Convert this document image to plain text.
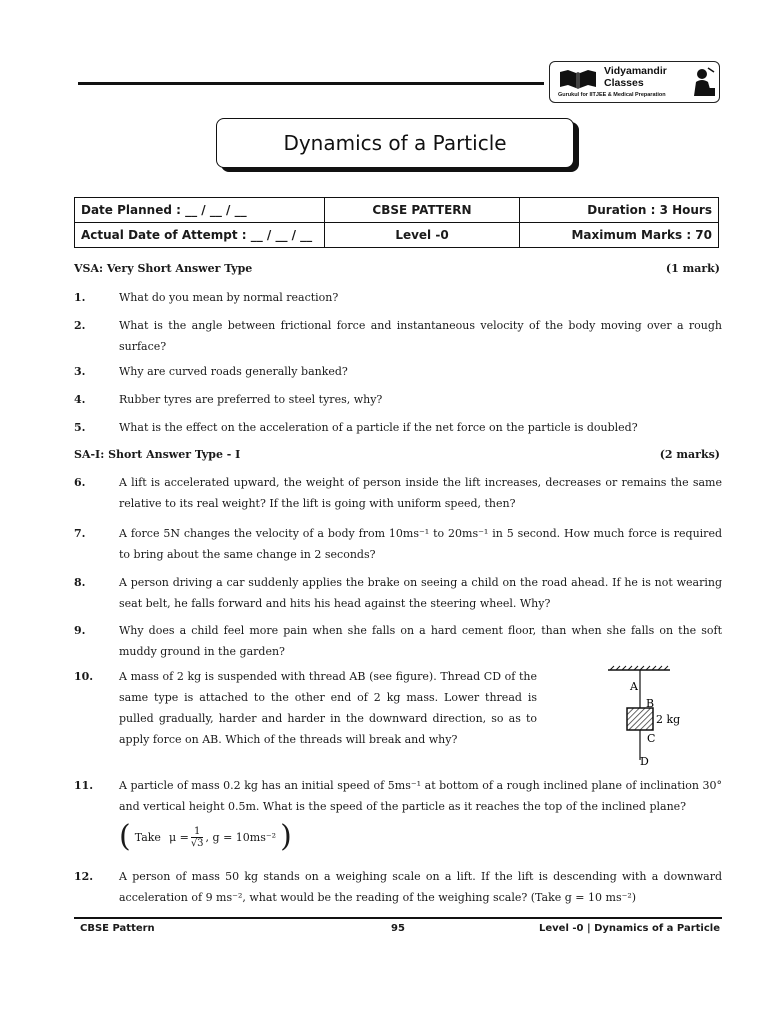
Vidyamandir
Classes
Gurukul for IITJEE & Medical Preparation
Dynamics of a Particle
Date Planned : __ / __ / __	CBSE PATTERN	Duration : 3 Hours
Actual Date of Attempt : __ / __ / __	Level -0	Maximum Marks : 70
VSA: Very Short Answer Type	(1 mark)
1.	What do you mean by normal reaction?
2.	What is the angle between frictional force and instantaneous velocity of the body moving over a rough surface?
3.	Why are curved roads generally banked?
4.	Rubber tyres are preferred to steel tyres, why?
5.	What is the effect on the acceleration of a particle if the net force on the particle is doubled?
SA-I: Short Answer Type - I	(2 marks)
6.	A lift is accelerated upward, the weight of person inside the lift increases, decreases or remains the same relative to its real weight? If the lift is going with uniform speed, then?
7.	A force 5N changes the velocity of a body from 10ms⁻¹ to 20ms⁻¹ in 5 second. How much force is required to bring about the same change in 2 seconds?
8.	A person driving a car suddenly applies the brake on seeing a child on the road ahead. If he is not wearing seat belt, he falls forward and hits his head against the steering wheel. Why?
9.	Why does a child feel more pain when she falls on a hard cement floor, than when she falls on the soft muddy ground in the garden?
10. A mass of 2 kg is suspended with thread AB (see figure). Thread CD of the same type is attached to the other end of 2 kg mass. Lower thread is pulled gradually, harder and harder in the downward direction, so as to apply force on AB. Which of the threads will break and why?
A
B
2 kg
C
D
11. A particle of mass 0.2 kg has an initial speed of 5ms⁻¹ at bottom of a rough inclined plane of inclination 30° and vertical height 0.5m. What is the speed of the particle as it reaches the top of the inclined plane?
( Take $\mu = \frac{1}{√3}$ , g = 10ms⁻² )
12. A person of mass 50 kg stands on a weighing scale on a lift. If the lift is descending with a downward acceleration of 9 ms⁻², what would be the reading of the weighing scale? (Take g = 10 ms⁻²)
CBSE Pattern	95	Level -0 | Dynamics of a Particle
